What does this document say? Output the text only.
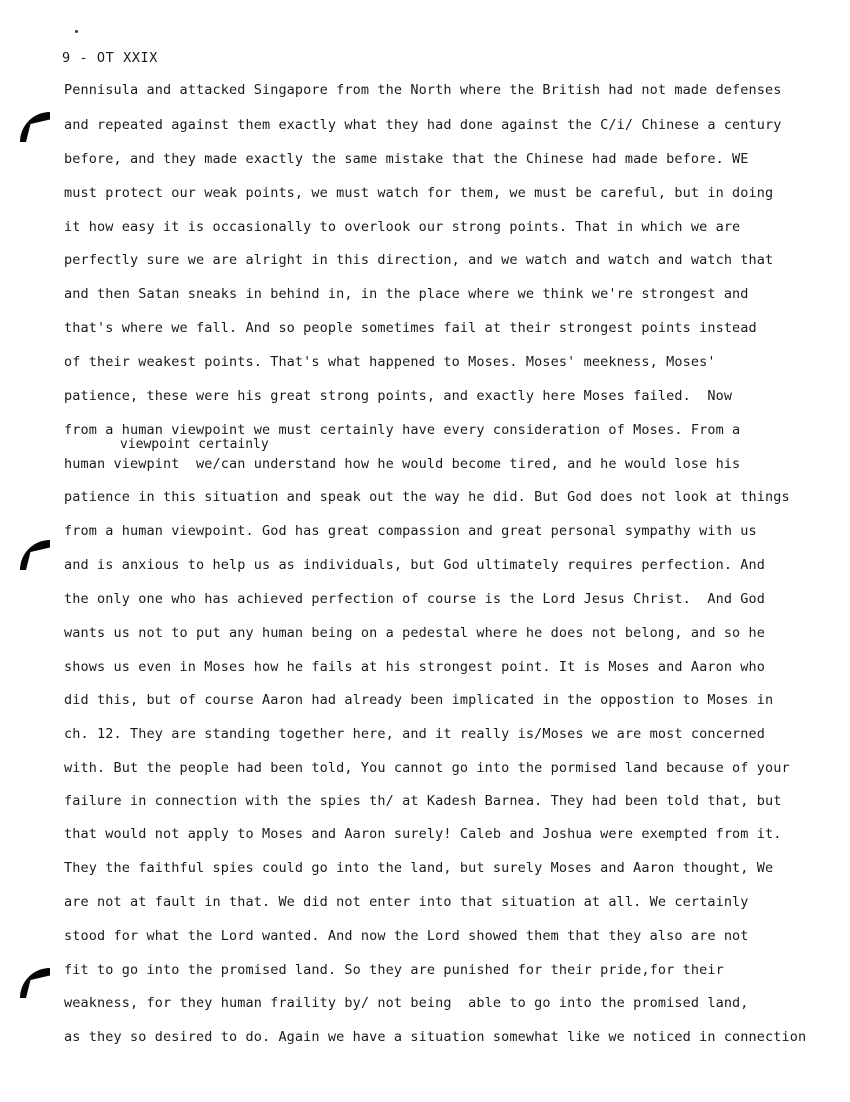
9 - OT XXIX
viewpoint certainly
Pennisula and attacked Singapore from the North where the British had not made defenses
and repeated against them exactly what they had done against the C/i/ Chinese a century
before, and they made exactly the same mistake that the Chinese had made before. WE
must protect our weak points, we must watch for them, we must be careful, but in doing
it how easy it is occasionally to overlook our strong points. That in which we are
perfectly sure we are alright in this direction, and we watch and watch and watch that
and then Satan sneaks in behind in, in the place where we think we're strongest and
that's where we fall. And so people sometimes fail at their strongest points instead
of their weakest points. That's what happened to Moses. Moses' meekness, Moses'
patience, these were his great strong points, and exactly here Moses failed.  Now
from a human viewpoint we must certainly have every consideration of Moses. From a
human viewpint  we/can understand how he would become tired, and he would lose his
patience in this situation and speak out the way he did. But God does not look at things
from a human viewpoint. God has great compassion and great personal sympathy with us
and is anxious to help us as individuals, but God ultimately requires perfection. And
the only one who has achieved perfection of course is the Lord Jesus Christ.  And God
wants us not to put any human being on a pedestal where he does not belong, and so he
shows us even in Moses how he fails at his strongest point. It is Moses and Aaron who
did this, but of course Aaron had already been implicated in the oppostion to Moses in
ch. 12. They are standing together here, and it really is/Moses we are most concerned
with. But the people had been told, You cannot go into the pormised land because of your
failure in connection with the spies th/ at Kadesh Barnea. They had been told that, but
that would not apply to Moses and Aaron surely! Caleb and Joshua were exempted from it.
They the faithful spies could go into the land, but surely Moses and Aaron thought, We
are not at fault in that. We did not enter into that situation at all. We certainly
stood for what the Lord wanted. And now the Lord showed them that they also are not
fit to go into the promised land. So they are punished for their pride,for their
weakness, for they human fraility by/ not being  able to go into the promised land,
as they so desired to do. Again we have a situation somewhat like we noticed in connection
